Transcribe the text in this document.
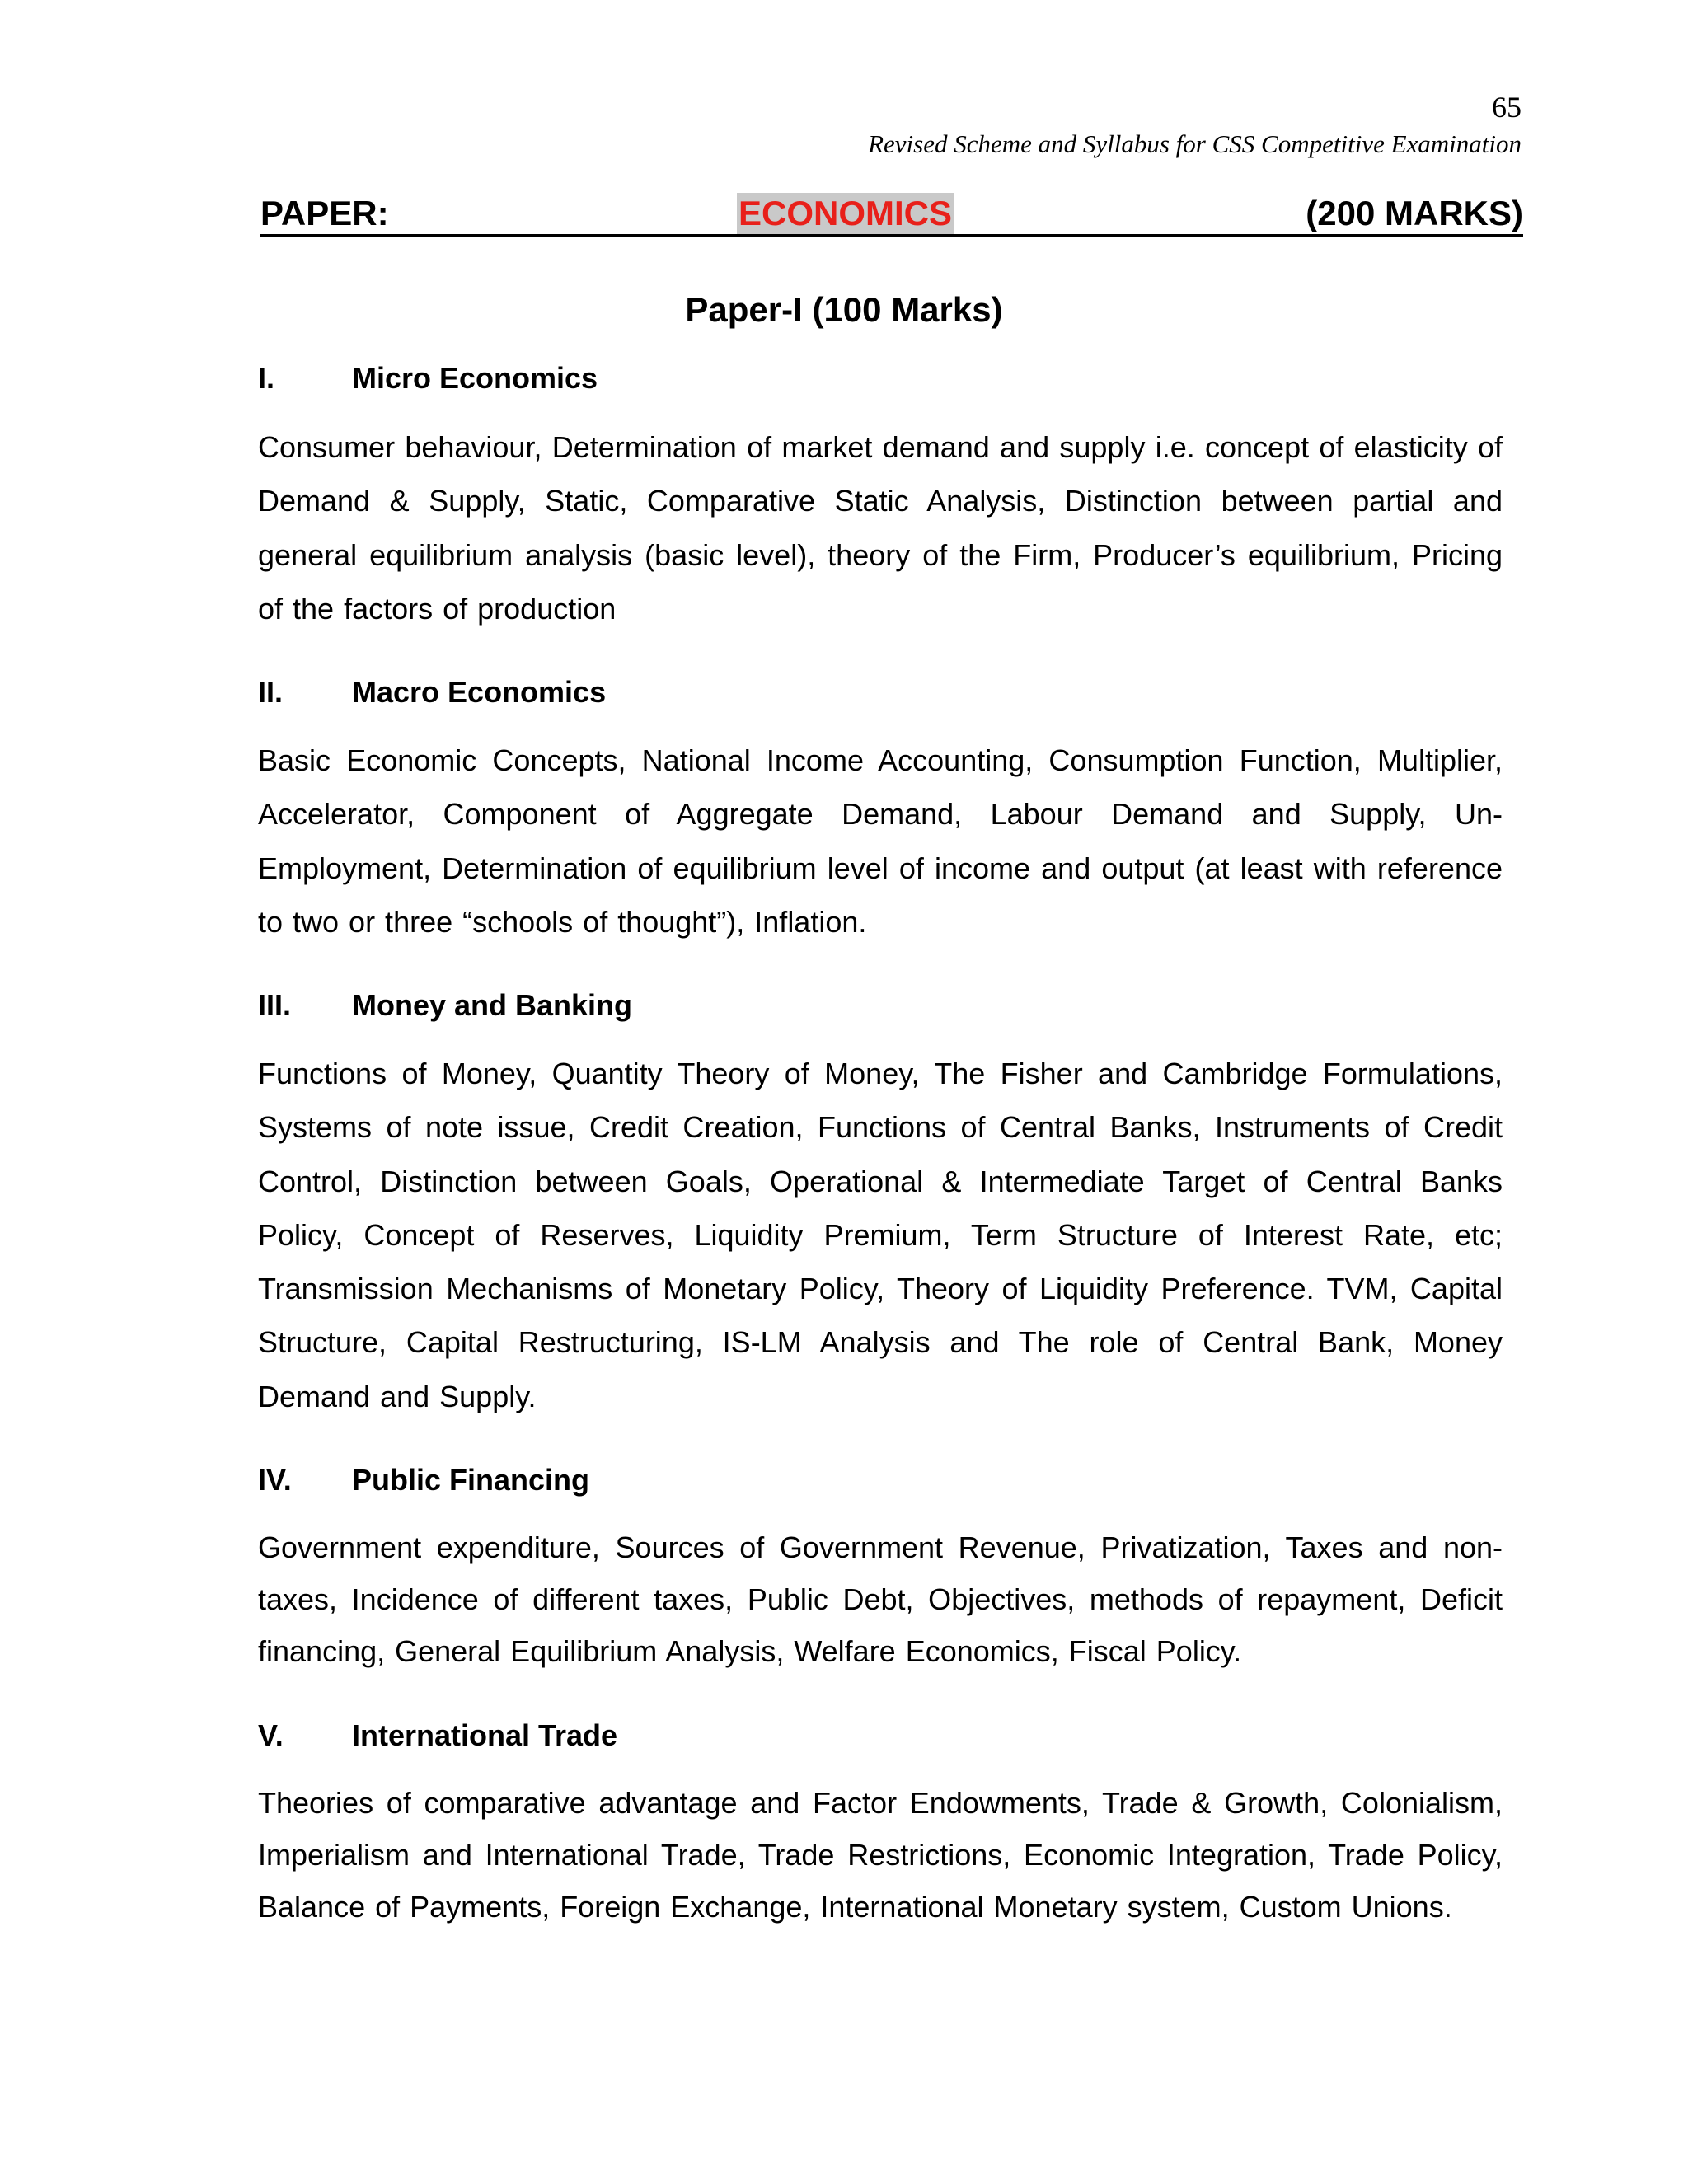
65
Revised Scheme and Syllabus for CSS Competitive Examination
PAPER:	ECONOMICS	(200 MARKS)
Paper-I (100 Marks)
I.	Micro Economics
Consumer behaviour, Determination of market demand and supply i.e. concept of elasticity of Demand & Supply, Static, Comparative Static Analysis, Distinction between partial and general equilibrium analysis (basic level), theory of the Firm, Producer’s equilibrium, Pricing of the factors of production
II. Macro Economics
Basic Economic Concepts, National Income Accounting, Consumption Function, Multiplier, Accelerator, Component of Aggregate Demand, Labour Demand and Supply, Un-Employment, Determination of equilibrium level of income and output (at least with reference to two or three “schools of thought”), Inflation.
III. Money and Banking
Functions of Money, Quantity Theory of Money, The Fisher and Cambridge Formulations, Systems of note issue, Credit Creation, Functions of Central Banks, Instruments of Credit Control, Distinction between Goals, Operational & Intermediate Target of Central Banks Policy, Concept of Reserves, Liquidity Premium, Term Structure of Interest Rate, etc; Transmission Mechanisms of Monetary Policy, Theory of Liquidity Preference. TVM, Capital Structure, Capital Restructuring, IS-LM Analysis and The role of Central Bank, Money Demand and Supply.
IV. Public Financing
Government expenditure, Sources of Government Revenue, Privatization, Taxes and non-taxes, Incidence of different taxes, Public Debt, Objectives, methods of repayment, Deficit financing, General Equilibrium Analysis, Welfare Economics, Fiscal Policy.
V. International Trade
Theories of comparative advantage and Factor Endowments, Trade & Growth, Colonialism, Imperialism and International Trade, Trade Restrictions, Economic Integration, Trade Policy, Balance of Payments, Foreign Exchange, International Monetary system, Custom Unions.
